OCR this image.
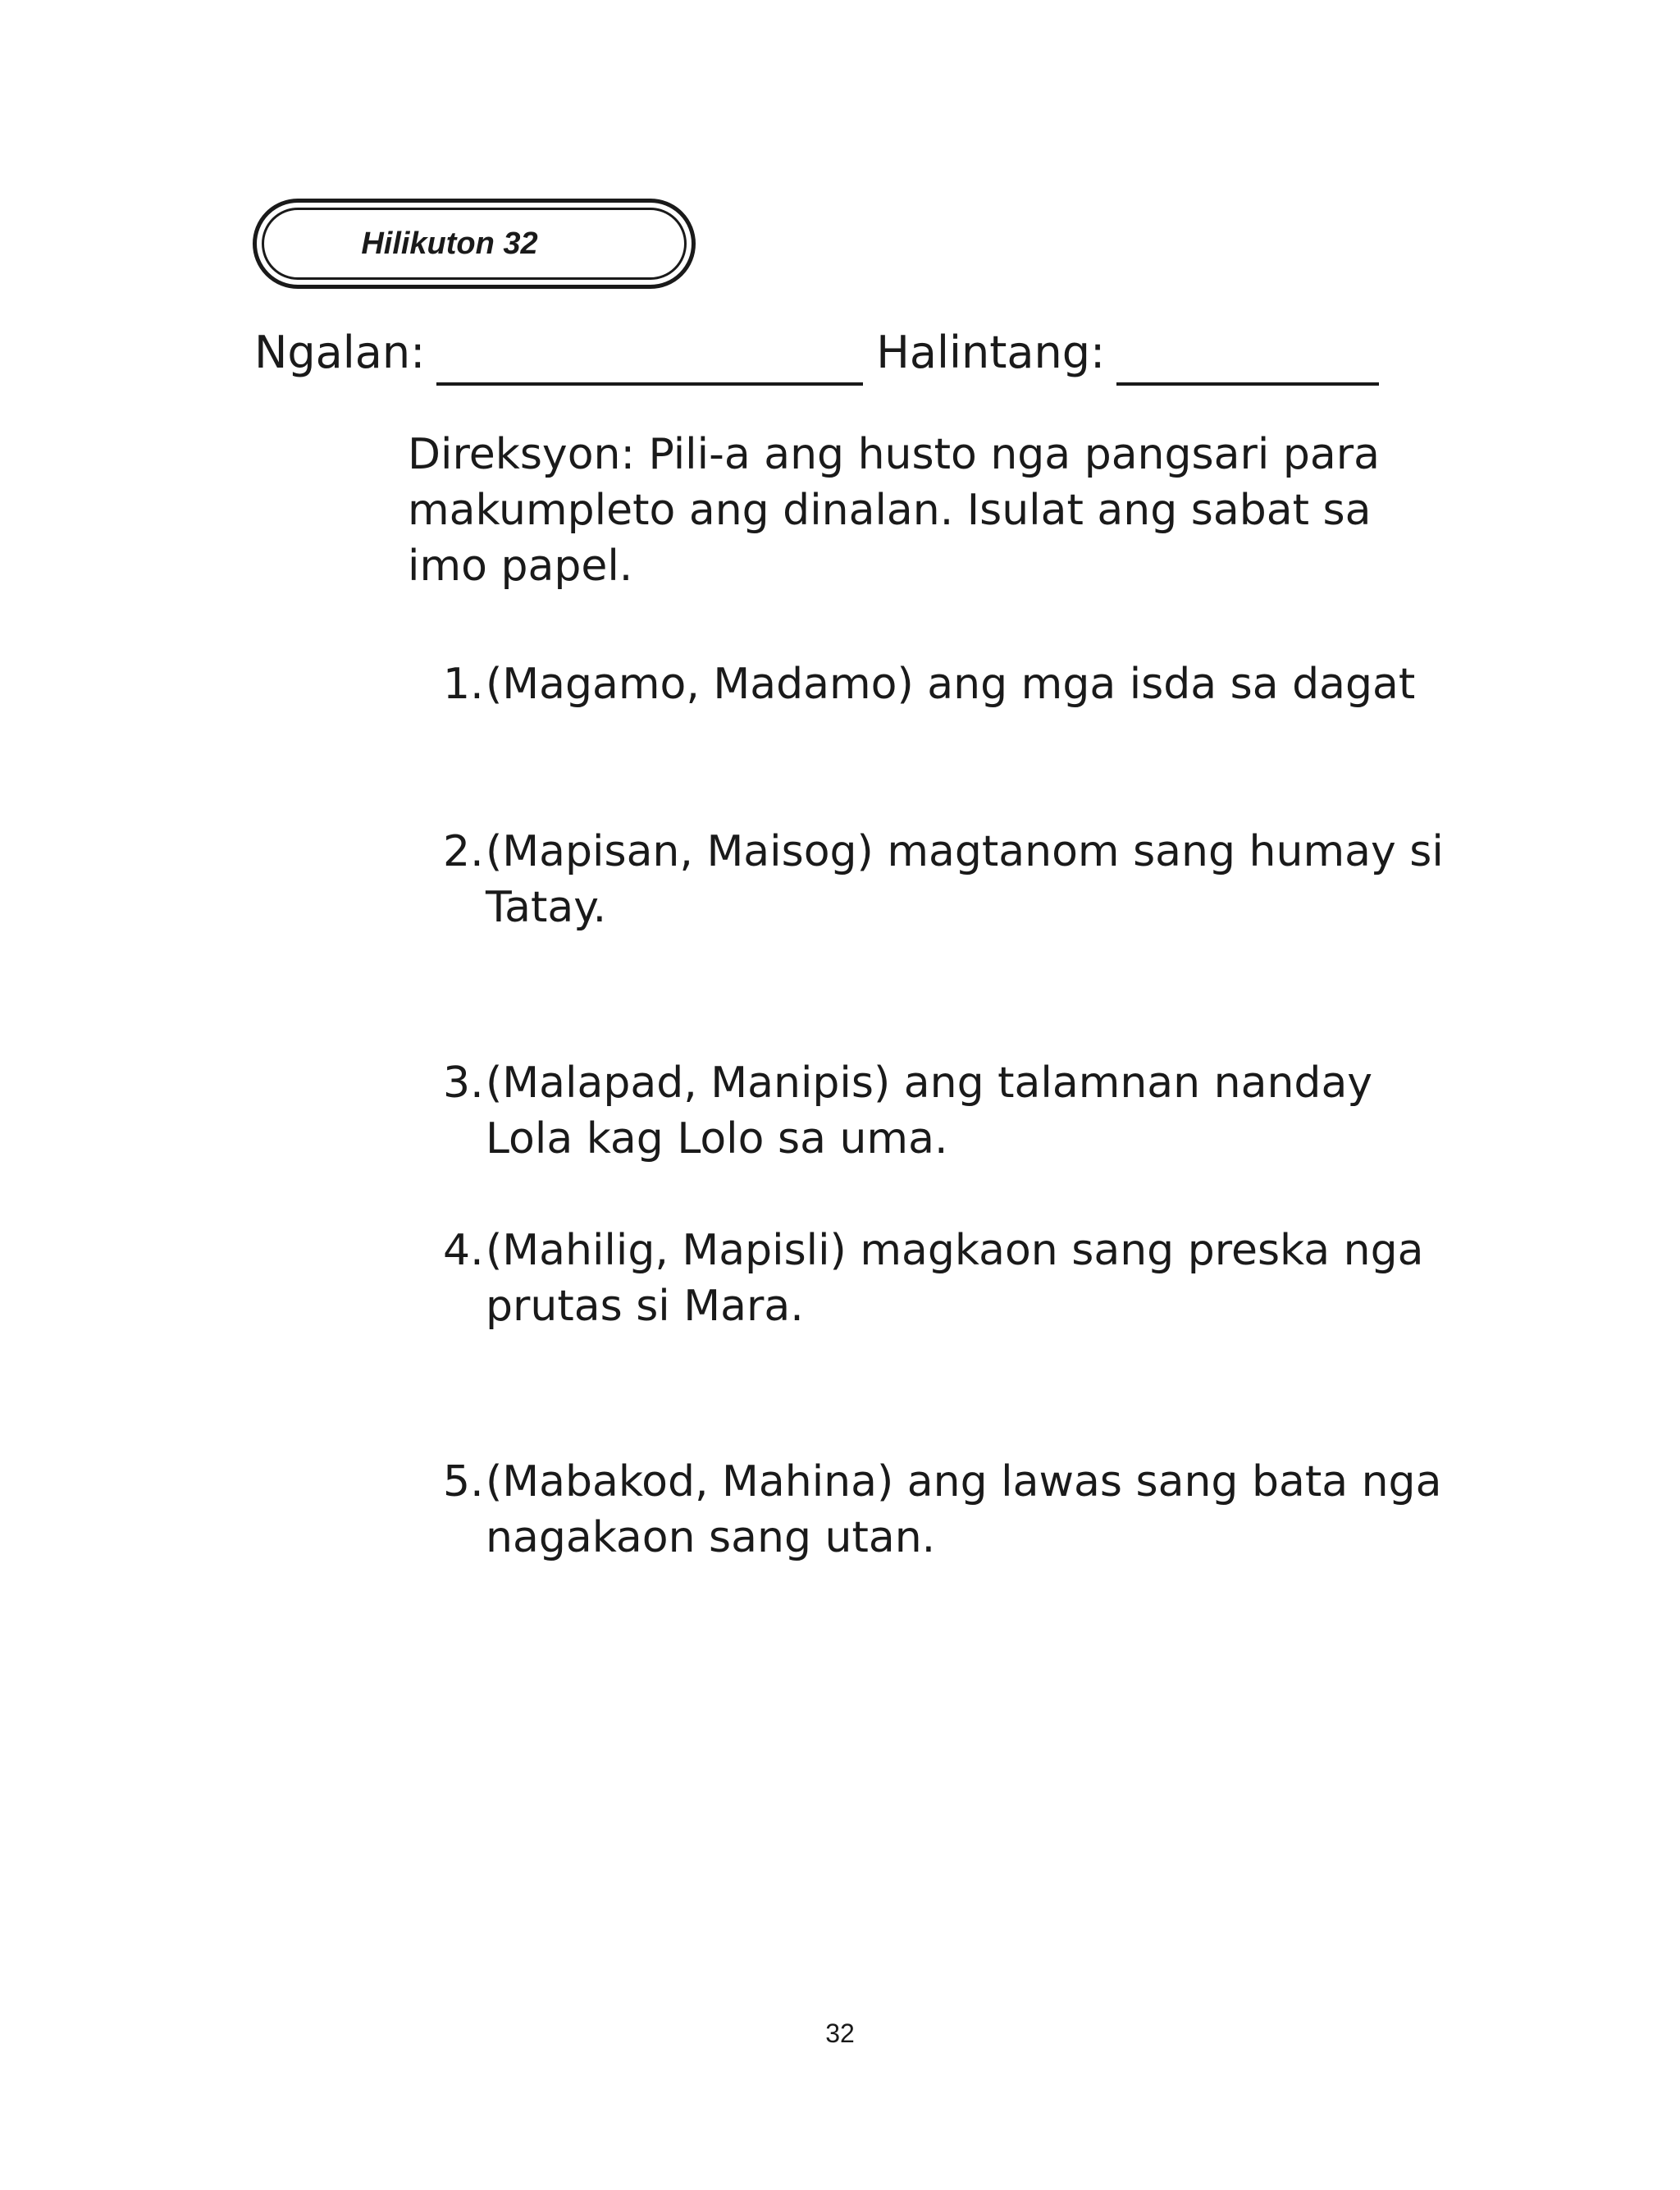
Hilikuton 32
Ngalan:	Halintang:
Direksyon: Pili-a ang husto nga pangsari para makumpleto ang dinalan. Isulat ang sabat sa imo papel.
1. (Magamo, Madamo) ang mga isda sa dagat
2. (Mapisan, Maisog) magtanom sang humay si Tatay.
3. (Malapad, Manipis) ang talamnan nanday Lola kag Lolo sa uma.
4. (Mahilig, Mapisli) magkaon sang preska nga prutas si Mara.
5. (Mabakod, Mahina) ang lawas sang bata nga nagakaon sang utan.
32
